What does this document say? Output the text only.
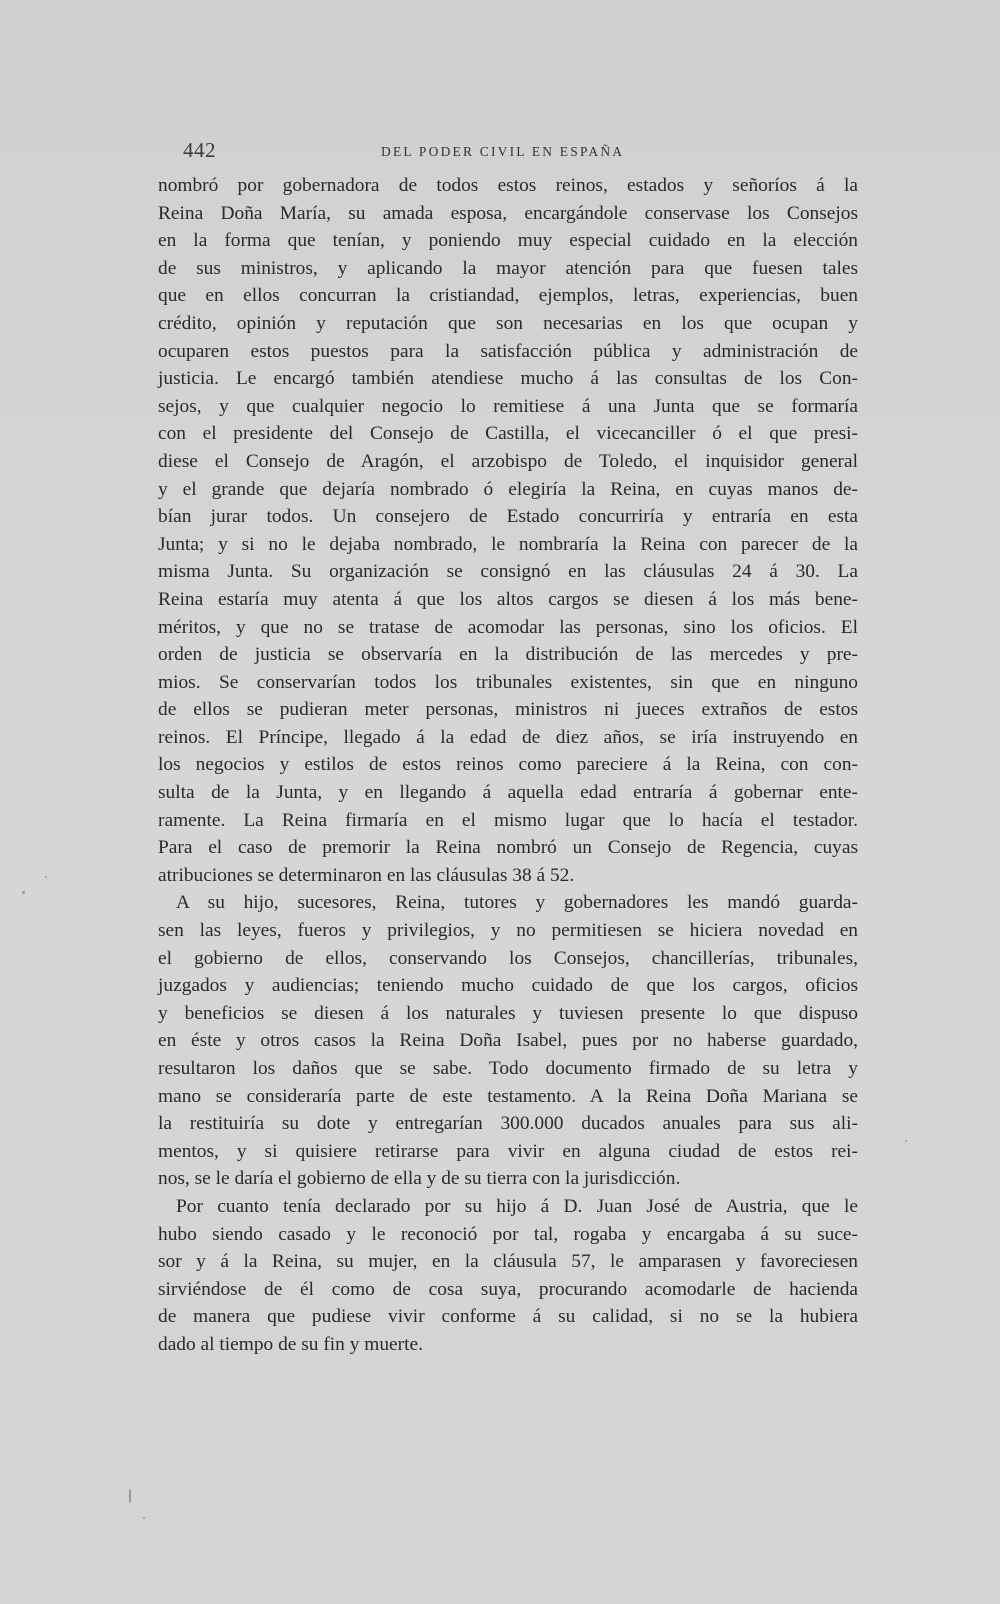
442	DEL PODER CIVIL EN ESPAÑA
nombró por gobernadora de todos estos reinos, estados y señoríos á la
Reina Doña María, su amada esposa, encargándole conservase los Consejos
en la forma que tenían, y poniendo muy especial cuidado en la elección
de sus ministros, y aplicando la mayor atención para que fuesen tales
que en ellos concurran la cristiandad, ejemplos, letras, experiencias, buen
crédito, opinión y reputación que son necesarias en los que ocupan y
ocuparen estos puestos para la satisfacción pública y administración de
justicia. Le encargó también atendiese mucho á las consultas de los Con-
sejos, y que cualquier negocio lo remitiese á una Junta que se formaría
con el presidente del Consejo de Castilla, el vicecanciller ó el que presi-
diese el Consejo de Aragón, el arzobispo de Toledo, el inquisidor general
y el grande que dejaría nombrado ó elegiría la Reina, en cuyas manos de-
bían jurar todos. Un consejero de Estado concurriría y entraría en esta
Junta; y si no le dejaba nombrado, le nombraría la Reina con parecer de la
misma Junta. Su organización se consignó en las cláusulas 24 á 30. La
Reina estaría muy atenta á que los altos cargos se diesen á los más bene-
méritos, y que no se tratase de acomodar las personas, sino los oficios. El
orden de justicia se observaría en la distribución de las mercedes y pre-
mios. Se conservarían todos los tribunales existentes, sin que en ninguno
de ellos se pudieran meter personas, ministros ni jueces extraños de estos
reinos. El Príncipe, llegado á la edad de diez años, se iría instruyendo en
los negocios y estilos de estos reinos como pareciere á la Reina, con con-
sulta de la Junta, y en llegando á aquella edad entraría á gobernar ente-
ramente. La Reina firmaría en el mismo lugar que lo hacía el testador.
Para el caso de premorir la Reina nombró un Consejo de Regencia, cuyas
atribuciones se determinaron en las cláusulas 38 á 52.
A su hijo, sucesores, Reina, tutores y gobernadores les mandó guarda-
sen las leyes, fueros y privilegios, y no permitiesen se hiciera novedad en
el gobierno de ellos, conservando los Consejos, chancillerías, tribunales,
juzgados y audiencias; teniendo mucho cuidado de que los cargos, oficios
y beneficios se diesen á los naturales y tuviesen presente lo que dispuso
en éste y otros casos la Reina Doña Isabel, pues por no haberse guardado,
resultaron los daños que se sabe. Todo documento firmado de su letra y
mano se consideraría parte de este testamento. A la Reina Doña Mariana se
la restituiría su dote y entregarían 300.000 ducados anuales para sus ali-
mentos, y si quisiere retirarse para vivir en alguna ciudad de estos rei-
nos, se le daría el gobierno de ella y de su tierra con la jurisdicción.
Por cuanto tenía declarado por su hijo á D. Juan José de Austria, que le
hubo siendo casado y le reconoció por tal, rogaba y encargaba á su suce-
sor y á la Reina, su mujer, en la cláusula 57, le amparasen y favoreciesen
sirviéndose de él como de cosa suya, procurando acomodarle de hacienda
de manera que pudiese vivir conforme á su calidad, si no se la hubiera
dado al tiempo de su fin y muerte.
